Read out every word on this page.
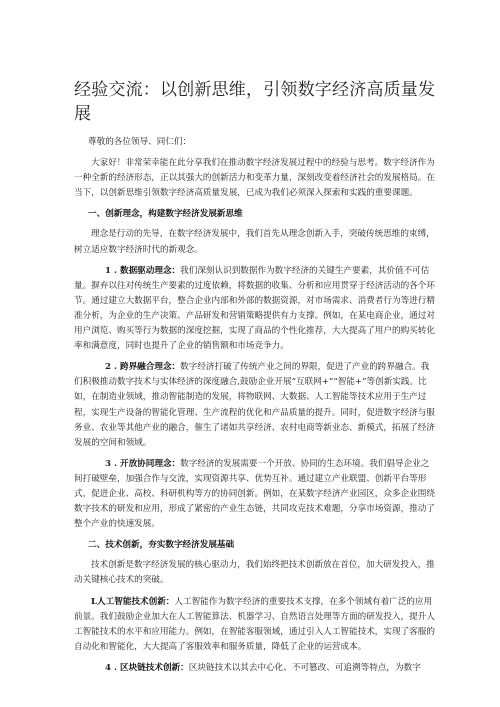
经验交流：以创新思维，引领数字经济高质量发展

尊敬的各位领导、同仁们：

大家好！非常荣幸能在此分享我们在推动数字经济发展过程中的经验与思考。数字经济作为一种全新的经济形态，正以其强大的创新活力和变革力量，深刻改变着经济社会的发展格局。在当下，以创新思维引领数字经济高质量发展，已成为我们必须深入探索和实践的重要课题。

一、创新理念，构建数字经济发展新思维

理念是行动的先导，在数字经济发展中，我们首先从理念创新入手，突破传统思维的束缚，树立适应数字经济时代的新观念。

1 . 数据驱动理念：我们深刻认识到数据作为数字经济的关键生产要素，其价值不可估量。摒弃以往对传统生产要素的过度依赖，将数据的收集、分析和应用贯穿于经济活动的各个环节。通过建立大数据平台，整合企业内部和外部的数据资源，对市场需求、消费者行为等进行精准分析，为企业的生产决策、产品研发和营销策略提供有力支撑。例如，在某电商企业，通过对用户浏览、购买等行为数据的深度挖掘，实现了商品的个性化推荐，大大提高了用户的购买转化率和满意度，同时也提升了企业的销售额和市场竞争力。

2 . 跨界融合理念：数字经济打破了传统产业之间的界限，促进了产业的跨界融合。我们积极推动数字技术与实体经济的深度融合,鼓励企业开展“互联网+”“智能+”等创新实践。比如，在制造业领域，推动智能制造的发展，将物联网、大数据、人工智能等技术应用于生产过程，实现生产设备的智能化管理、生产流程的优化和产品质量的提升。同时，促进数字经济与服务业、农业等其他产业的融合，催生了诸如共享经济、农村电商等新业态、新模式，拓展了经济发展的空间和领域。

3 . 开放协同理念：数字经济的发展需要一个开放、协同的生态环境。我们倡导企业之间打破壁垒，加强合作与交流，实现资源共享、优势互补。通过建立产业联盟、创新平台等形式，促进企业、高校、科研机构等方的协同创新。例如，在某数字经济产业园区，众多企业围绕数字技术的研发和应用，形成了紧密的产业生态链，共同攻克技术难题，分享市场资源，推动了整个产业的快速发展。

二、技术创新，夯实数字经济发展基础

技术创新是数字经济发展的核心驱动力，我们始终把技术创新放在首位，加大研发投入，推动关键核心技术的突破。

L人工智能技术创新：人工智能作为数字经济的重要技术支撑，在多个领域有着广泛的应用前景。我们鼓励企业加大在人工智能算法、机器学习、自然语言处理等方面的研发投入，提升人工智能技术的水平和应用能力。例如，在智能客服领域，通过引入人工智能技术，实现了客服的自动化和智能化，大大提高了客服效率和服务质量，降低了企业的运营成本。

4 . 区块链技术创新：区块链技术以其去中心化、不可篡改、可追溯等特点，为数字
